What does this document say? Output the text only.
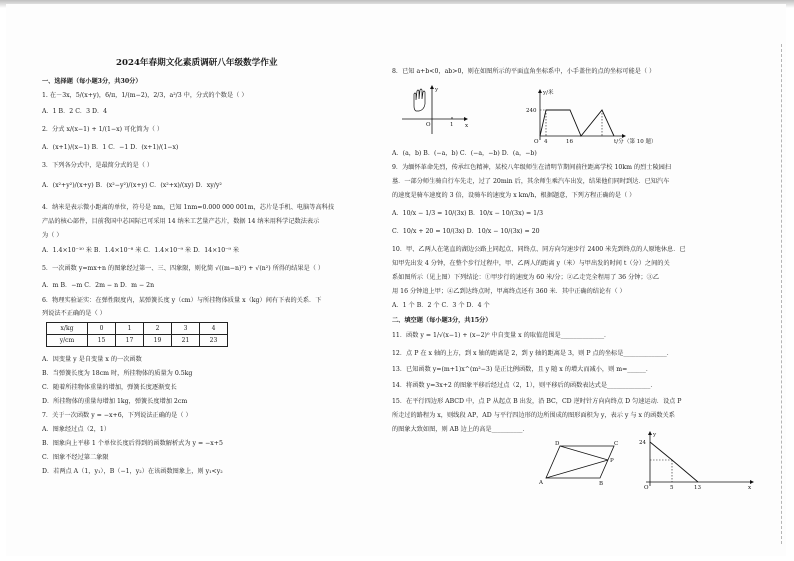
2024年春期文化素质调研八年级数学作业
一、选择题（每小题3分，共30分）
1. 在－3x，5/(x+y)，6/π，1/(m−2)，2/3，a²/3 中，分式的个数是（ ）
A．1 B．2 C．3 D．4
2．分式 x/(x−1) + 1/(1−x) 可化简为（ ）
A．(x+1)/(x−1) B．1 C．−1 D．(x+1)/(1−x)
3．下列各分式中，是最简分式的是（ ）
A．(x²+y²)/(x+y) B．(x²−y²)/(x+y) C．(x²+x)/(xy) D．xy/y²
4．纳米是表示微小距离的单位，符号是 nm，已知 1nm=0.000 000 001m，芯片是手机、电脑等高科技
产品的核心部件，目前我国中芯国际已可采用 14 纳米工艺量产芯片，数据 14 纳米用科学记数法表示
为（ ）
A．1.4×10⁻¹⁰ 米 B．1.4×10⁻⁸ 米 C．1.4×10⁻⁹ 米 D．14×10⁻⁹ 米
5．一次函数 y=mx+n 的图象经过第一、三、四象限，则化简 √((m−n)²) + √(n²) 所得的结果是（ ）
A．m B．−m C．2m − n D．m − 2n
6．物理实验证实：在弹性限度内，某弹簧长度 y（cm）与所挂物体质量 x（kg）间有下表的关系．下
列说法不正确的是（ ）
x/kg	0	1	2	3	4
y/cm	15	17	19	21	23
A．因变量 y 是自变量 x 的一次函数
B．当弹簧长度为 18cm 时，所挂物体的质量为 0.5kg
C．随着所挂物体重量的增加，弹簧长度逐渐变长
D．所挂物体的重量每增加 1kg，弹簧长度增加 2cm
7．关于一次函数 y = −x+6，下列说法正确的是（ ）
A．图象经过点（2，1）
B．图象向上平移 1 个单位长度后得到的函数解析式为 y = −x+5
C．图象不经过第二象限
D．若两点 A（1，y₁），B（−1，y₂）在该函数图象上，则 y₁<y₂
8．已知 a+b<0，ab>0，则在如图所示的平面直角坐标系中，小手盖住的点的坐标可能是（ ）
y
x
O	1
y/米
240
O 4	16	t/分 （第 10 题）
A．(a，b) B．(−a，b) C．(−a，−b) D．(a，−b)
9．为缅怀革命先烈，传承红色精神，某校八年级师生在清明节期间前往距离学校 10km 的烈士陵园扫
墓．一部分师生骑自行车先走，过了 20min 后，其余师生乘汽车出发，结果他们同时到达．已知汽车
的速度是骑车速度的 3 倍，设骑车的速度为 x km/h，根据题意，下列方程正确的是（ ）
A．10/x − 1/3 = 10/(3x) B．10/x − 10/(3x) = 1/3
C．10/x + 20 = 10/(3x) D．10/x − 10/(3x) = 20
10．甲、乙两人在笔直的湖边公路上同起点、同终点、同方向匀速步行 2400 米先到终点的人原地休息．已
知甲先出发 4 分钟，在整个步行过程中，甲、乙两人的距离 y（米）与甲出发的时间 t（分）之间的关
系如图所示（见上图）下列结论：①甲步行的速度为 60 米/分；②乙走完全程用了 36 分钟；③乙
用 16 分钟追上甲；④乙到达终点时，甲离终点还有 360 米．其中正确的结论有（ ）
A．1 个 B．2 个 C．3 个 D．4 个
二、填空题（每小题3分，共15分）
11．函数 y = 1/√(x−1) + (x−2)⁰ 中自变量 x 的取值范围是______________．
12．点 P 在 x 轴的上方，到 x 轴的距离是 2，到 y 轴的距离是 3，则 P 点的坐标是______________．
13．已知函数 y=(m+1)x^(m²−3) 是正比例函数，且 y 随 x 的增大而减小，则 m=______．
14．将函数 y=3x+2 的图象平移后经过点（2，1），则平移后的函数表达式是______________．
15．在平行四边形 ABCD 中，点 P 从起点 B 出发，沿 BC，CD 逆时针方向向终点 D 匀速运动．设点 P
所走过的路程为 x，则线段 AP，AD 与平行四边形的边所围成的图形面积为 y，表示 y 与 x 的函数关系
的图象大致如图，则 AB 边上的高是__________．
D	C
A	B
P
y
24
O	5	13	x
